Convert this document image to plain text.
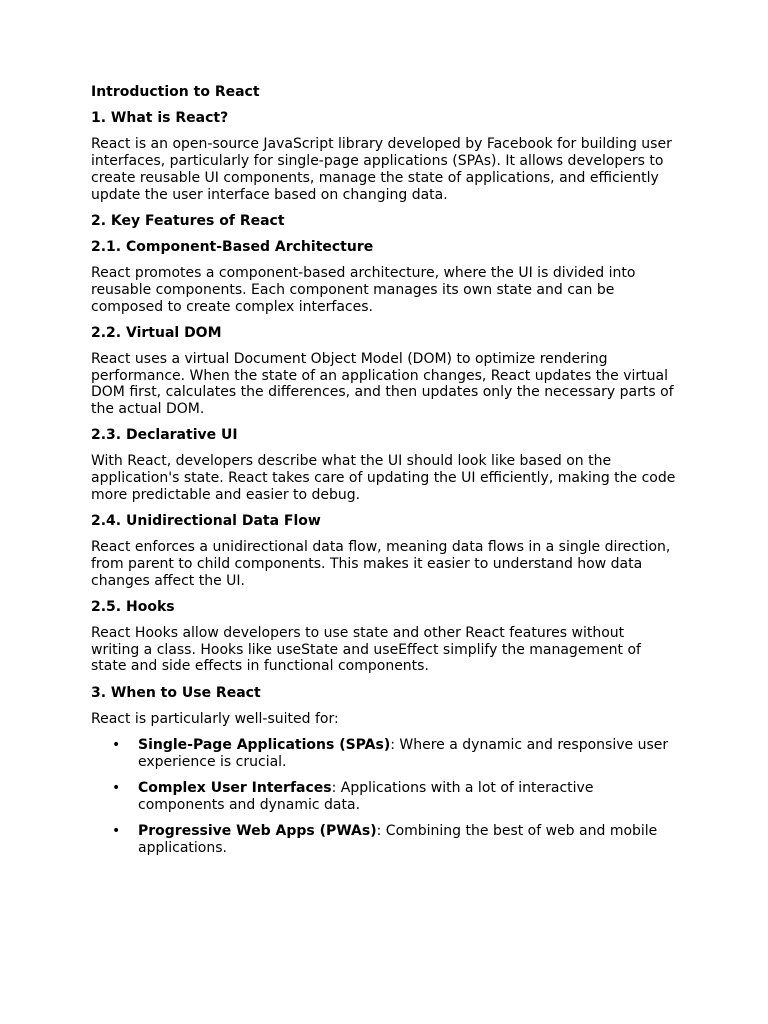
Introduction to React
1. What is React?
React is an open-source JavaScript library developed by Facebook for building user interfaces, particularly for single-page applications (SPAs). It allows developers to create reusable UI components, manage the state of applications, and efficiently update the user interface based on changing data.
2. Key Features of React
2.1. Component-Based Architecture
React promotes a component-based architecture, where the UI is divided into reusable components. Each component manages its own state and can be composed to create complex interfaces.
2.2. Virtual DOM
React uses a virtual Document Object Model (DOM) to optimize rendering performance. When the state of an application changes, React updates the virtual DOM first, calculates the differences, and then updates only the necessary parts of the actual DOM.
2.3. Declarative UI
With React, developers describe what the UI should look like based on the application's state. React takes care of updating the UI efficiently, making the code more predictable and easier to debug.
2.4. Unidirectional Data Flow
React enforces a unidirectional data flow, meaning data flows in a single direction, from parent to child components. This makes it easier to understand how data changes affect the UI.
2.5. Hooks
React Hooks allow developers to use state and other React features without writing a class. Hooks like useState and useEffect simplify the management of state and side effects in functional components.
3. When to Use React
React is particularly well-suited for:
• Single-Page Applications (SPAs): Where a dynamic and responsive user experience is crucial.
• Complex User Interfaces: Applications with a lot of interactive components and dynamic data.
• Progressive Web Apps (PWAs): Combining the best of web and mobile applications.
